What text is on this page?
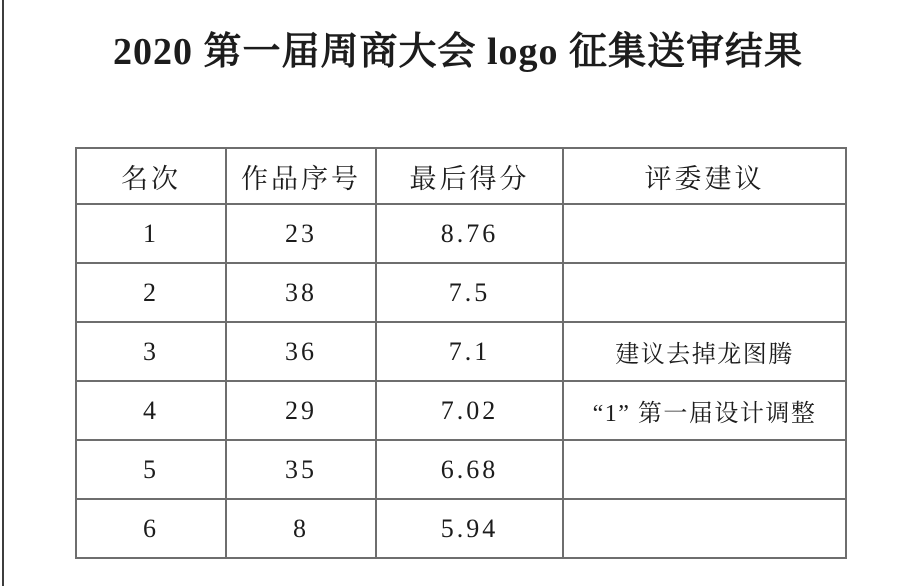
2020 第一届周商大会 logo 征集送审结果
名次	作品序号	最后得分	评委建议
1	23	8.76	
2	38	7.5	
3	36	7.1	建议去掉龙图腾
4	29	7.02	“1” 第一届设计调整
5	35	6.68	
6	8	5.94	
